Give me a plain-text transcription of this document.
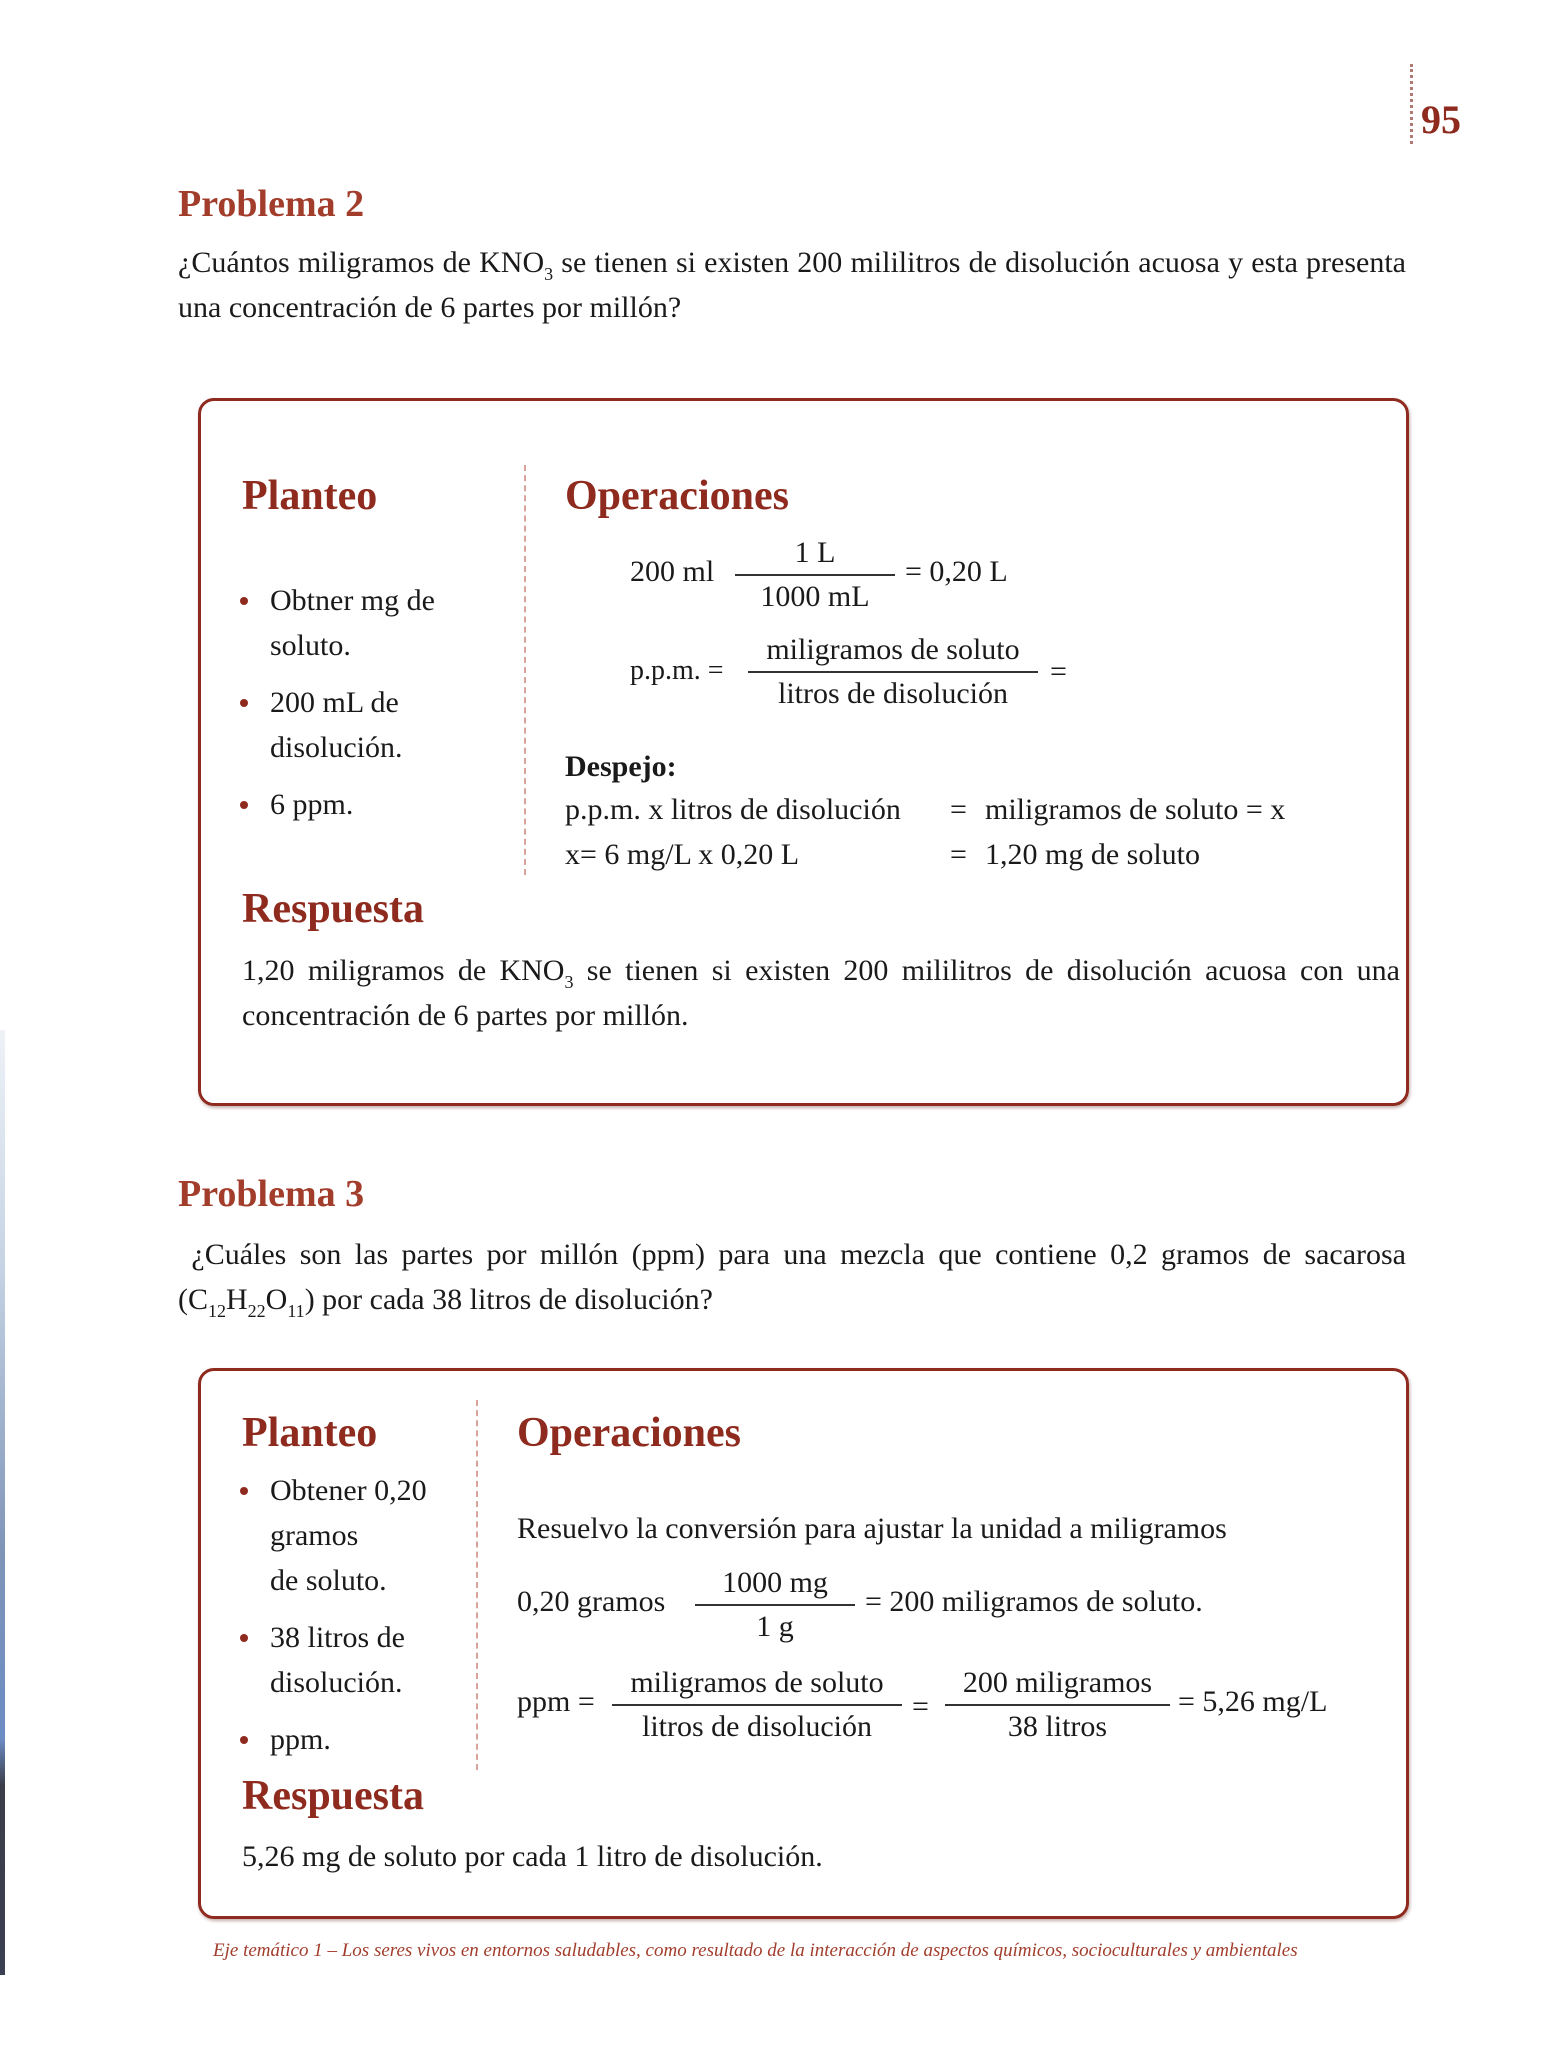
95
Problema 2
¿Cuántos miligramos de $KNO_3$ se tienen si existen 200 mililitros de disolución acuosa y esta presenta una concentración de 6 partes por millón?
Planteo
Obtner mg de soluto.
200 mL de disolución.
6 ppm.
Operaciones
200 ml $\frac{1 L}{1000 mL} = 0,20$ L
p.p.m. =
miligramos de soluto
litros de disolución
=
Despejo:
p.p.m. x litros de disolución = miligramos de soluto = x
x= 6 mg/L x 0,20 L	= 1,20 mg de soluto
Respuesta
1,20 miligramos de $KNO_3$ se tienen si existen 200 mililitros de disolución acuosa con una concentración de 6 partes por millón.
Problema 3
¿Cuáles son las partes por millón (ppm) para una mezcla que contiene 0,2 gramos de sacarosa $(C_{12}H_{22}O_{11})$ por cada 38 litros de disolución?
Planteo
Obtener 0,20
gramos
de soluto.
38 litros de disolución.
ppm.
Operaciones
Resuelvo la conversión para ajustar la unidad a miligramos
0,20 gramos $\frac{1000 mg}{1 g} = 200$ miligramos de soluto.
ppm =
miligramos de soluto
litros de disolución
=
200 miligramos
38 litros
= 5,26 mg/L
Respuesta
5,26 mg de soluto por cada 1 litro de disolución.
Eje temático 1 – Los seres vivos en entornos saludables, como resultado de la interacción de aspectos químicos, socioculturales y ambientales
